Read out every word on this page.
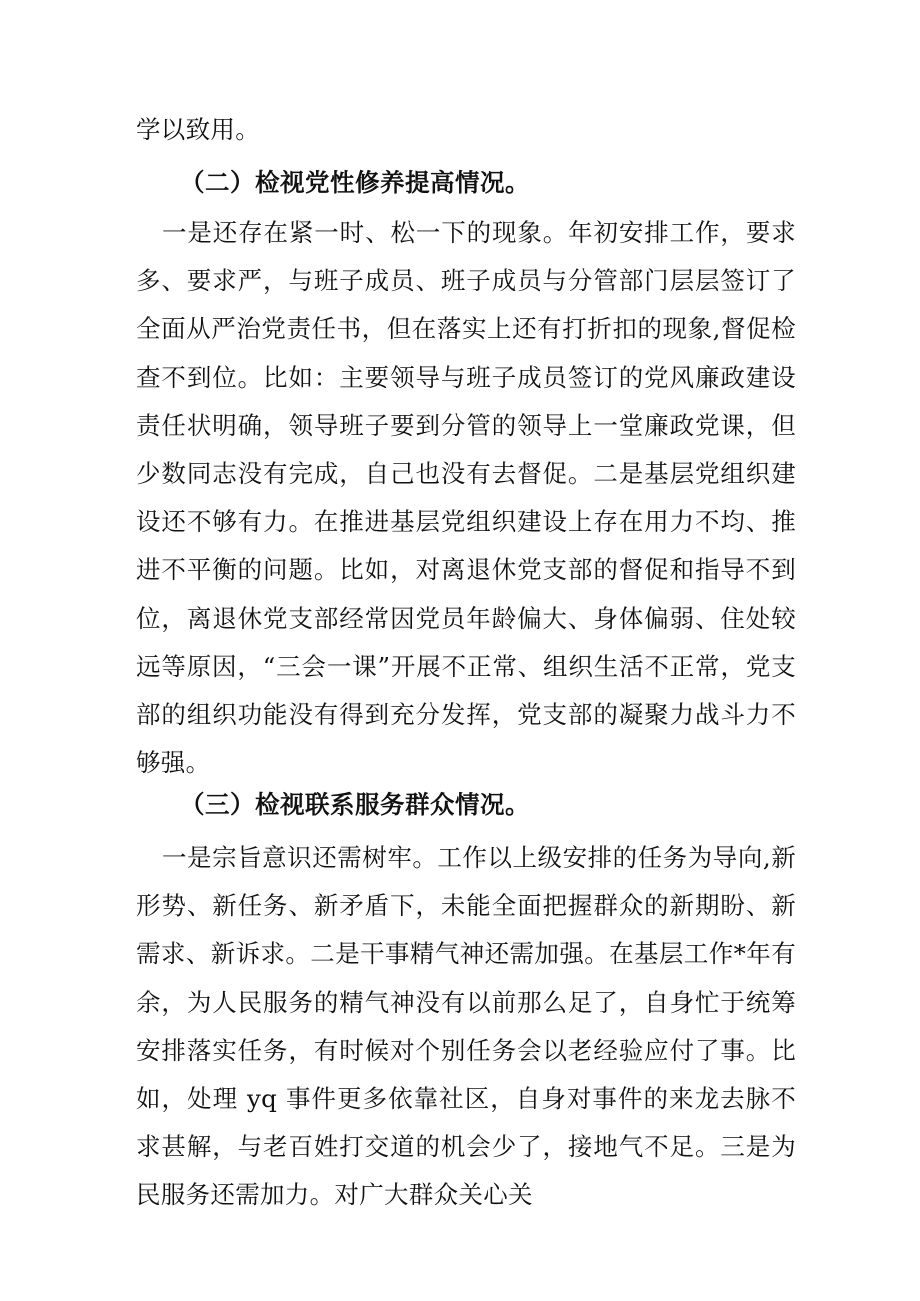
学以致用。
（二）检视党性修养提高情况。
一是还存在紧一时、松一下的现象。年初安排工作，要求多、要求严，与班子成员、班子成员与分管部门层层签订了全面从严治党责任书，但在落实上还有打折扣的现象,督促检查不到位。比如：主要领导与班子成员签订的党风廉政建设责任状明确，领导班子要到分管的领导上一堂廉政党课，但少数同志没有完成，自己也没有去督促。二是基层党组织建设还不够有力。在推进基层党组织建设上存在用力不均、推进不平衡的问题。比如，对离退休党支部的督促和指导不到位，离退休党支部经常因党员年龄偏大、身体偏弱、住处较远等原因，“三会一课”开展不正常、组织生活不正常，党支部的组织功能没有得到充分发挥，党支部的凝聚力战斗力不够强。
（三）检视联系服务群众情况。
一是宗旨意识还需树牢。工作以上级安排的任务为导向,新形势、新任务、新矛盾下，未能全面把握群众的新期盼、新需求、新诉求。二是干事精气神还需加强。在基层工作*年有余，为人民服务的精气神没有以前那么足了，自身忙于统筹安排落实任务，有时候对个别任务会以老经验应付了事。比如，处理 yq 事件更多依靠社区，自身对事件的来龙去脉不求甚解，与老百姓打交道的机会少了，接地气不足。三是为民服务还需加力。对广大群众关心关
